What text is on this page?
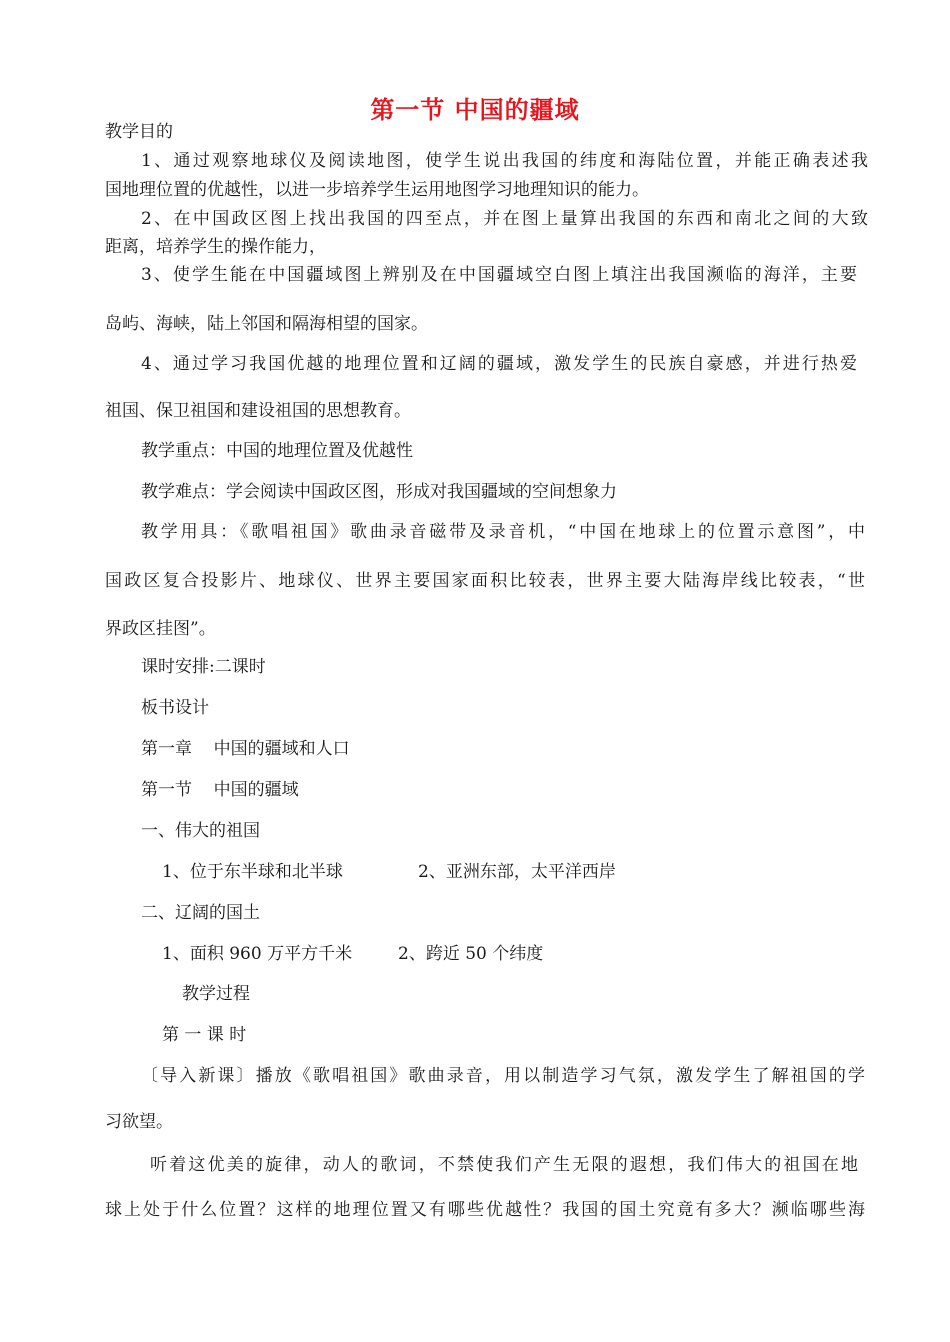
第一节 中国的疆域
教学目的
1、通过观察地球仪及阅读地图，使学生说出我国的纬度和海陆位置，并能正确表述我
国地理位置的优越性，以进一步培养学生运用地图学习地理知识的能力。
2、在中国政区图上找出我国的四至点，并在图上量算出我国的东西和南北之间的大致
距离，培养学生的操作能力，
3、使学生能在中国疆域图上辨别及在中国疆域空白图上填注出我国濒临的海洋，主要
岛屿、海峡，陆上邻国和隔海相望的国家。
4、通过学习我国优越的地理位置和辽阔的疆域，激发学生的民族自豪感，并进行热爱
祖国、保卫祖国和建设祖国的思想教育。
教学重点：中国的地理位置及优越性
教学难点：学会阅读中国政区图，形成对我国疆域的空间想象力
教学用具：《歌唱祖国》歌曲录音磁带及录音机，“中国在地球上的位置示意图”，中
国政区复合投影片、地球仪、世界主要国家面积比较表，世界主要大陆海岸线比较表，“世
界政区挂图”。
课时安排:二课时
板书设计
第一章    中国的疆域和人口
第一节    中国的疆域
一、伟大的祖国
1、位于东半球和北半球	2、亚洲东部，太平洋西岸
二、辽阔的国土
1、面积 960 万平方千米	2、跨近 50 个纬度
教学过程
第 一 课 时
〔导入新课〕播放《歌唱祖国》歌曲录音，用以制造学习气氛，激发学生了解祖国的学
习欲望。
听着这优美的旋律，动人的歌词，不禁使我们产生无限的遐想，我们伟大的祖国在地
球上处于什么位置？这样的地理位置又有哪些优越性？我国的国土究竟有多大？濒临哪些海
